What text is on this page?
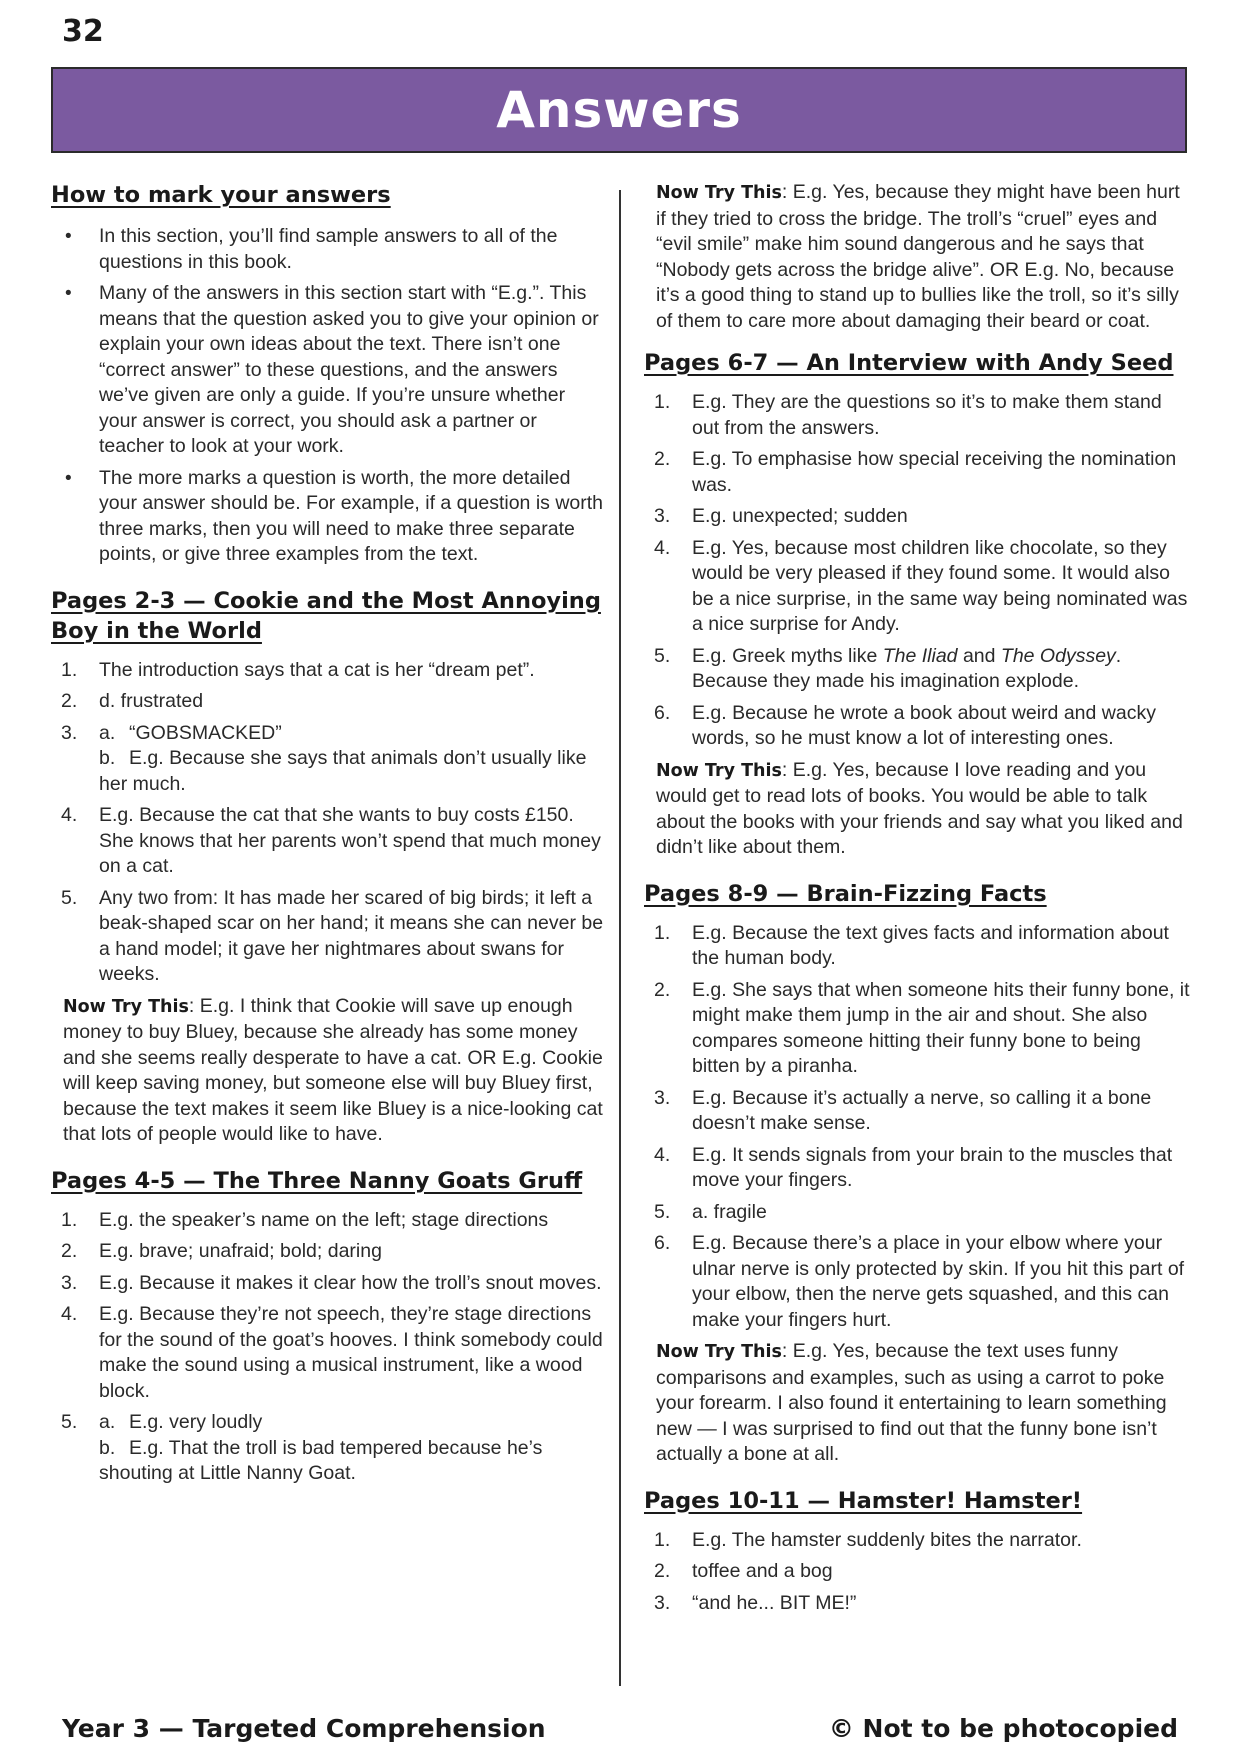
32
Answers
How to mark your answers
• In this section, you’ll find sample answers to all of the questions in this book.
• Many of the answers in this section start with “E.g.”. This means that the question asked you to give your opinion or explain your own ideas about the text. There isn’t one “correct answer” to these questions, and the answers we’ve given are only a guide. If you’re unsure whether your answer is correct, you should ask a partner or teacher to look at your work.
• The more marks a question is worth, the more detailed your answer should be. For example, if a question is worth three marks, then you will need to make three separate points, or give three examples from the text.
Pages 2-3 — Cookie and the Most Annoying Boy in the World
1. The introduction says that a cat is her “dream pet”.
2. d. frustrated
3. a. “GOBSMACKED”
b. E.g. Because she says that animals don’t usually like her much.
4. E.g. Because the cat that she wants to buy costs £150. She knows that her parents won’t spend that much money on a cat.
5. Any two from: It has made her scared of big birds; it left a beak-shaped scar on her hand; it means she can never be a hand model; it gave her nightmares about swans for weeks.

Now Try This: E.g. I think that Cookie will save up enough money to buy Bluey, because she already has some money and she seems really desperate to have a cat. OR E.g. Cookie will keep saving money, but someone else will buy Bluey first, because the text makes it seem like Bluey is a nice-looking cat that lots of people would like to have.

Pages 4-5 — The Three Nanny Goats Gruff
1. E.g. the speaker’s name on the left; stage directions
2. E.g. brave; unafraid; bold; daring
3. E.g. Because it makes it clear how the troll’s snout moves.
4. E.g. Because they’re not speech, they’re stage directions for the sound of the goat’s hooves. I think somebody could make the sound using a musical instrument, like a wood block.
5. a. E.g. very loudly
b. E.g. That the troll is bad tempered because he’s shouting at Little Nanny Goat.

Now Try This: E.g. Yes, because they might have been hurt if they tried to cross the bridge. The troll’s “cruel” eyes and “evil smile” make him sound dangerous and he says that “Nobody gets across the bridge alive”. OR E.g. No, because it’s a good thing to stand up to bullies like the troll, so it’s silly of them to care more about damaging their beard or coat.

Pages 6-7 — An Interview with Andy Seed
1. E.g. They are the questions so it’s to make them stand out from the answers.
2. E.g. To emphasise how special receiving the nomination was.
3. E.g. unexpected; sudden
4. E.g. Yes, because most children like chocolate, so they would be very pleased if they found some. It would also be a nice surprise, in the same way being nominated was a nice surprise for Andy.
5. E.g. Greek myths like The Iliad and The Odyssey. Because they made his imagination explode.
6. E.g. Because he wrote a book about weird and wacky words, so he must know a lot of interesting ones.

Now Try This: E.g. Yes, because I love reading and you would get to read lots of books. You would be able to talk about the books with your friends and say what you liked and didn’t like about them.

Pages 8-9 — Brain-Fizzing Facts
1. E.g. Because the text gives facts and information about the human body.
2. E.g. She says that when someone hits their funny bone, it might make them jump in the air and shout. She also compares someone hitting their funny bone to being bitten by a piranha.
3. E.g. Because it’s actually a nerve, so calling it a bone doesn’t make sense.
4. E.g. It sends signals from your brain to the muscles that move your fingers.
5. a. fragile
6. E.g. Because there’s a place in your elbow where your ulnar nerve is only protected by skin. If you hit this part of your elbow, then the nerve gets squashed, and this can make your fingers hurt.

Now Try This: E.g. Yes, because the text uses funny comparisons and examples, such as using a carrot to poke your forearm. I also found it entertaining to learn something new — I was surprised to find out that the funny bone isn’t actually a bone at all.

Pages 10-11 — Hamster! Hamster!
1. E.g. The hamster suddenly bites the narrator.
2. toffee and a bog
3. “and he... BIT ME!”
Year 3 — Targeted Comprehension	© Not to be photocopied
